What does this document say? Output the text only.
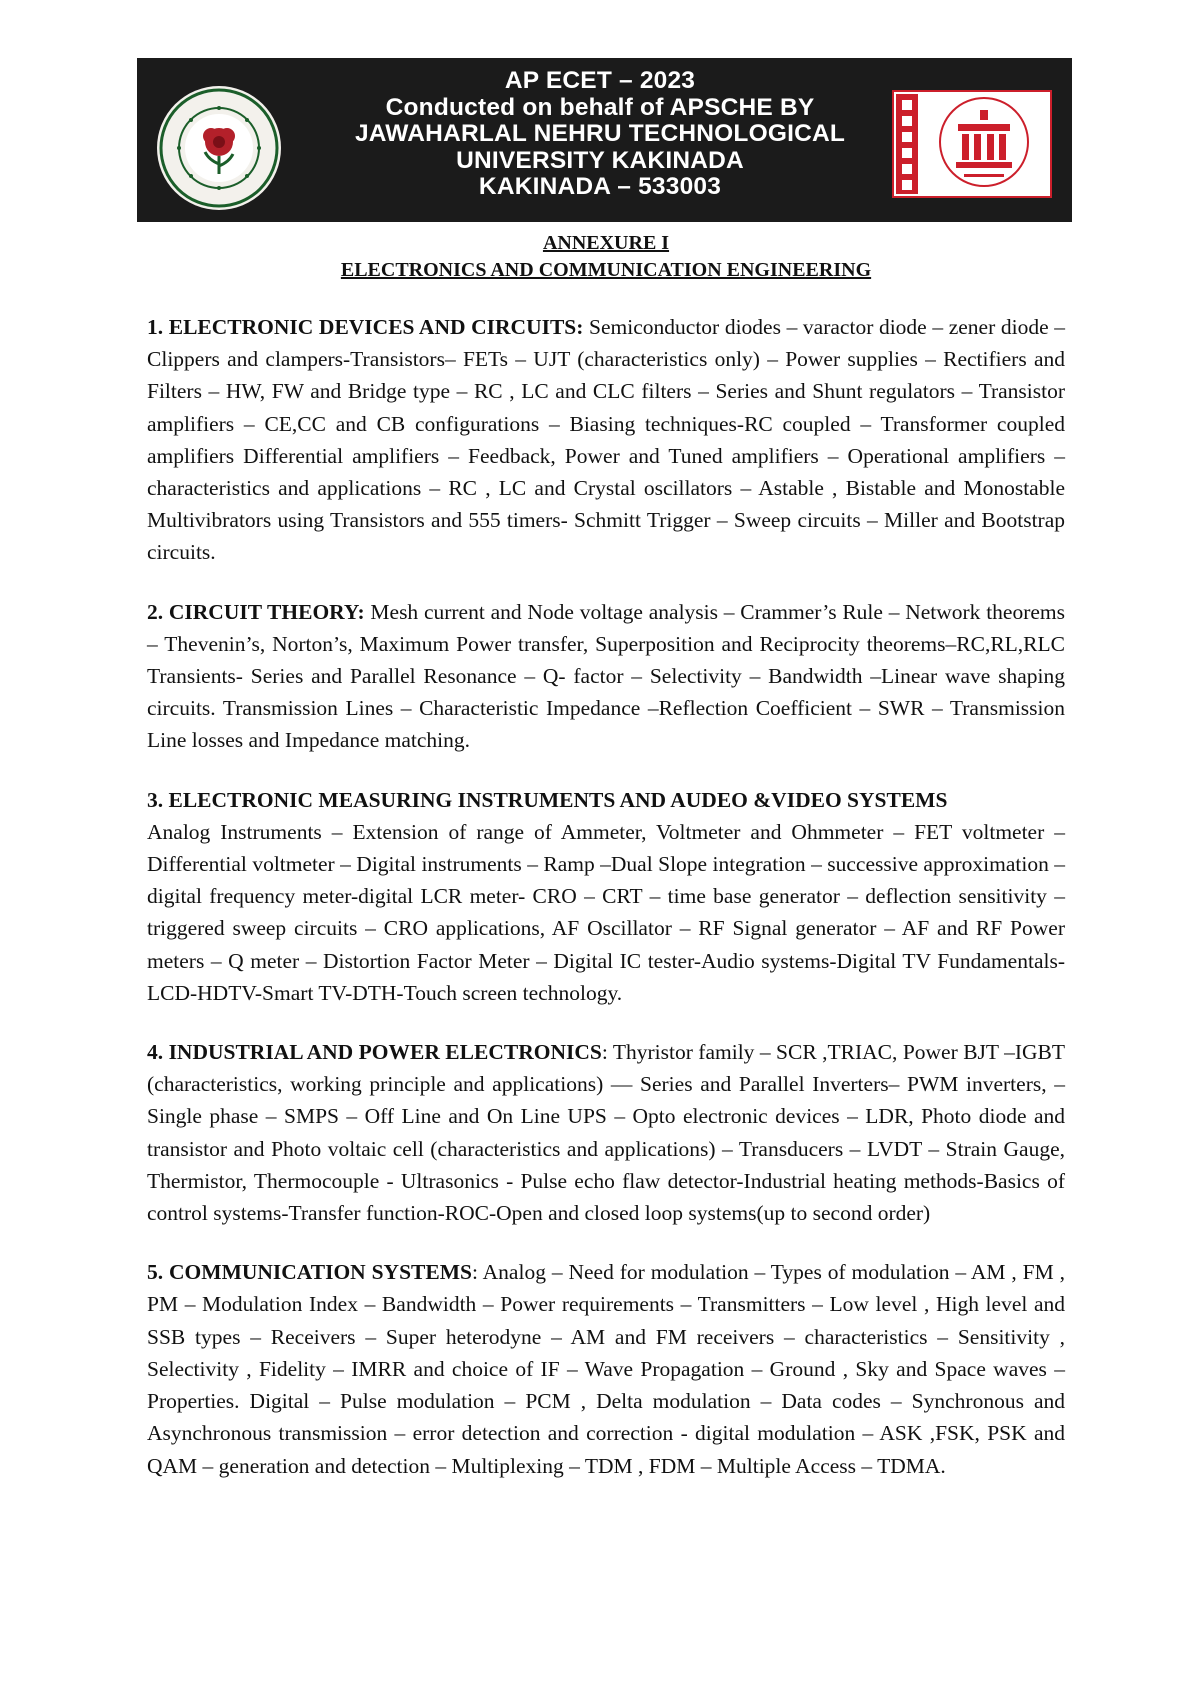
AP ECET – 2023
Conducted on behalf of APSCHE BY
JAWAHARLAL NEHRU TECHNOLOGICAL
UNIVERSITY KAKINADA
KAKINADA – 533003
ANNEXURE I
ELECTRONICS AND COMMUNICATION ENGINEERING

1. ELECTRONIC DEVICES AND CIRCUITS: Semiconductor diodes – varactor diode – zener diode – Clippers and clampers-Transistors– FETs – UJT (characteristics only) – Power supplies – Rectifiers and Filters – HW, FW and Bridge type – RC , LC and CLC filters – Series and Shunt regulators – Transistor amplifiers – CE,CC and CB configurations – Biasing techniques-RC coupled – Transformer coupled amplifiers Differential amplifiers – Feedback, Power and Tuned amplifiers – Operational amplifiers – characteristics and applications – RC , LC and Crystal oscillators – Astable , Bistable and Monostable Multivibrators using Transistors and 555 timers- Schmitt Trigger – Sweep circuits – Miller and Bootstrap circuits.

2. CIRCUIT THEORY: Mesh current and Node voltage analysis – Crammer’s Rule – Network theorems – Thevenin’s, Norton’s, Maximum Power transfer, Superposition and Reciprocity theorems–RC,RL,RLC Transients- Series and Parallel Resonance – Q- factor – Selectivity – Bandwidth –Linear wave shaping circuits. Transmission Lines – Characteristic Impedance –Reflection Coefficient – SWR – Transmission Line losses and Impedance matching.

3. ELECTRONIC MEASURING INSTRUMENTS AND AUDEO &VIDEO SYSTEMS

Analog Instruments – Extension of range of Ammeter, Voltmeter and Ohmmeter – FET voltmeter – Differential voltmeter – Digital instruments – Ramp –Dual Slope integration – successive approximation – digital frequency meter-digital LCR meter- CRO – CRT – time base generator – deflection sensitivity – triggered sweep circuits – CRO applications, AF Oscillator – RF Signal generator – AF and RF Power meters – Q meter – Distortion Factor Meter – Digital IC tester-Audio systems-Digital TV Fundamentals-LCD-HDTV-Smart TV-DTH-Touch screen technology.

4. INDUSTRIAL AND POWER ELECTRONICS: Thyristor family – SCR ,TRIAC, Power BJT –IGBT (characteristics, working principle and applications) — Series and Parallel Inverters– PWM inverters, – Single phase – SMPS – Off Line and On Line UPS – Opto electronic devices – LDR, Photo diode and transistor and Photo voltaic cell (characteristics and applications) – Transducers – LVDT – Strain Gauge, Thermistor, Thermocouple - Ultrasonics - Pulse echo flaw detector-Industrial heating methods-Basics of control systems-Transfer function-ROC-Open and closed loop systems(up to second order)

5. COMMUNICATION SYSTEMS: Analog – Need for modulation – Types of modulation – AM , FM , PM – Modulation Index – Bandwidth – Power requirements – Transmitters – Low level , High level and SSB types – Receivers – Super heterodyne – AM and FM receivers – characteristics – Sensitivity , Selectivity , Fidelity – IMRR and choice of IF – Wave Propagation – Ground , Sky and Space waves – Properties. Digital – Pulse modulation – PCM , Delta modulation – Data codes – Synchronous and Asynchronous transmission – error detection and correction - digital modulation – ASK ,FSK, PSK and QAM – generation and detection – Multiplexing – TDM , FDM – Multiple Access – TDMA.
